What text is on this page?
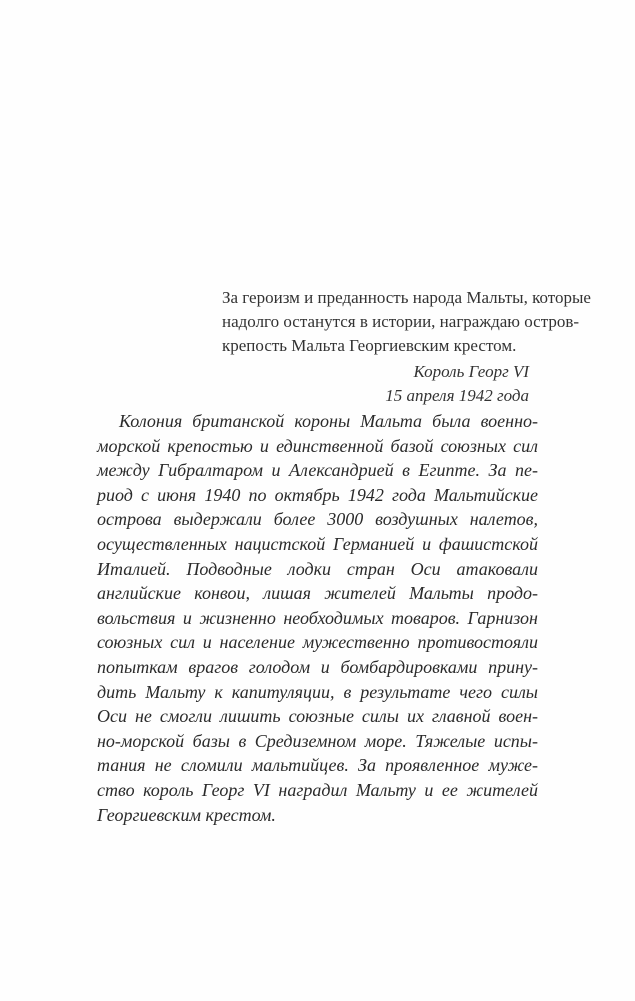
За героизм и преданность народа Мальты, которые
надолго останутся в истории, награждаю остров-
крепость Мальта Георгиевским крестом.

Король Георг VI
15 апреля 1942 года

Колония британской короны Мальта была военно-
морской крепостью и единственной базой союзных сил
между Гибралтаром и Александрией в Египте. За пе-
риод с июня 1940 по октябрь 1942 года Мальтийские
острова выдержали более 3000 воздушных налетов,
осуществленных нацистской Германией и фашистской
Италией. Подводные лодки стран Оси атаковали
английские конвои, лишая жителей Мальты продо-
вольствия и жизненно необходимых товаров. Гарнизон
союзных сил и население мужественно противостояли
попыткам врагов голодом и бомбардировками прину-
дить Мальту к капитуляции, в результате чего силы
Оси не смогли лишить союзные силы их главной воен-
но-морской базы в Средиземном море. Тяжелые испы-
тания не сломили мальтийцев. За проявленное муже-
ство король Георг VI наградил Мальту и ее жителей
Георгиевским крестом.
